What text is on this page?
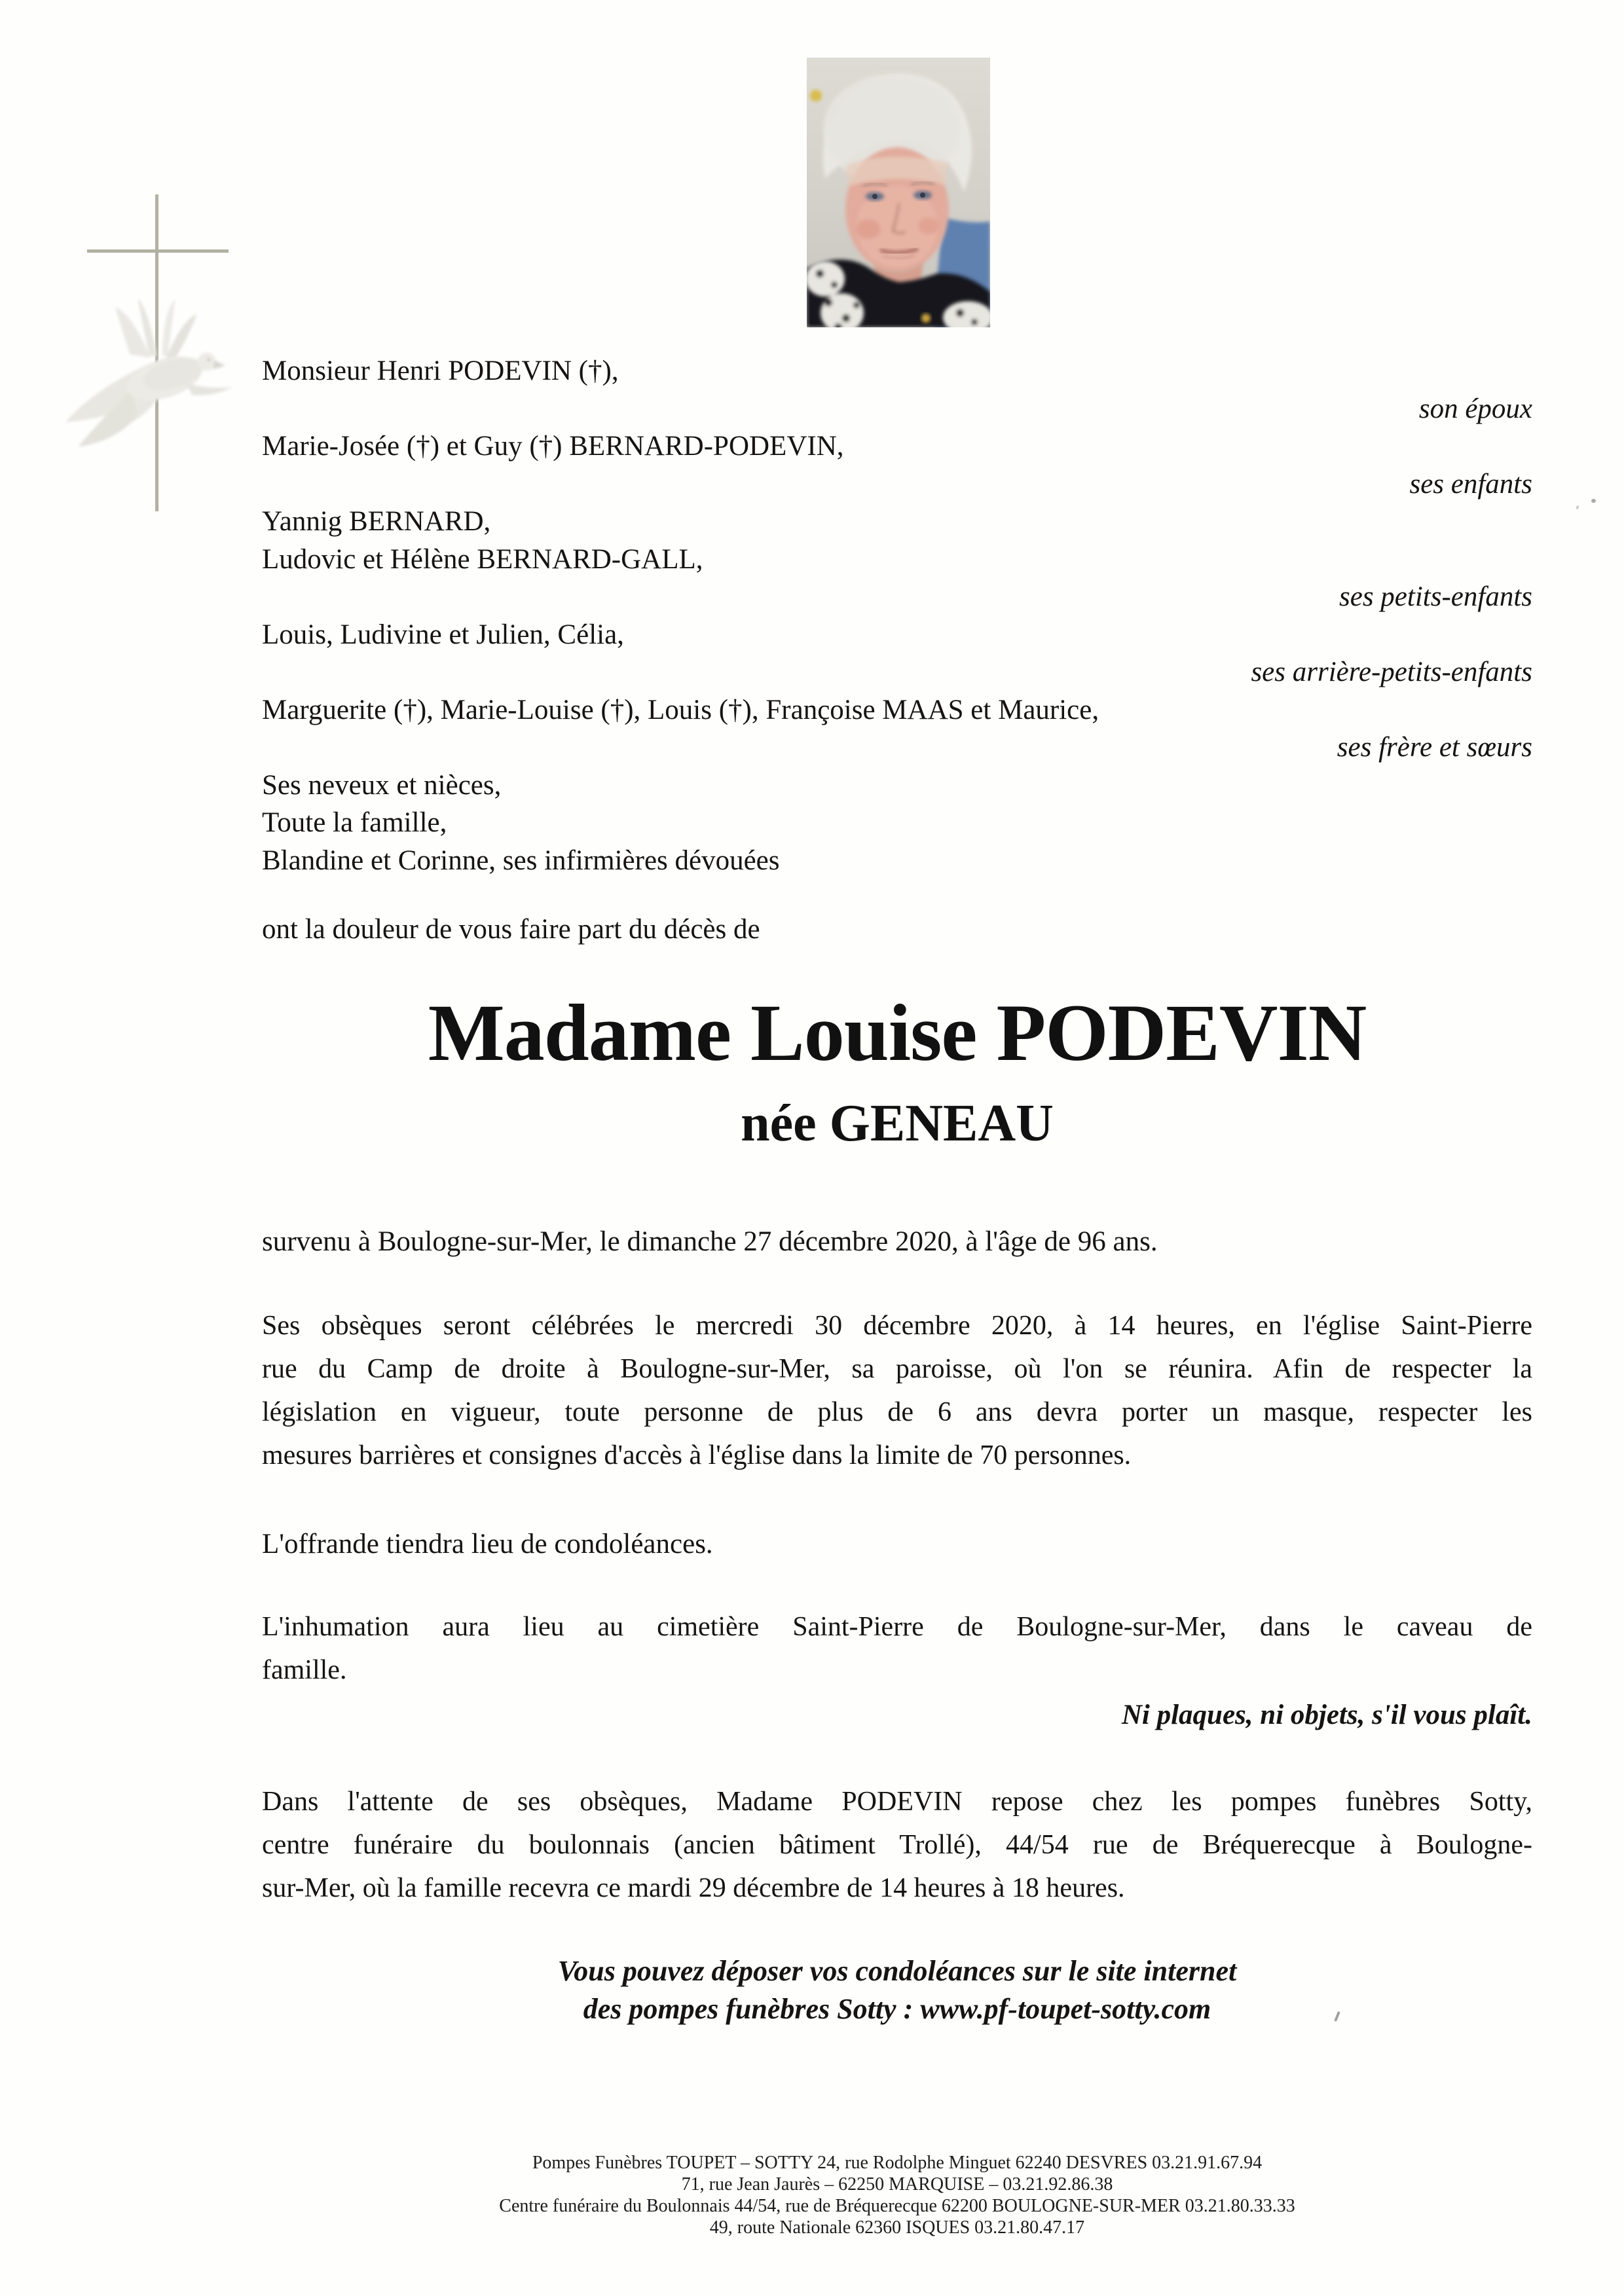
Monsieur Henri PODEVIN (†),
son époux
Marie-Josée (†) et Guy (†) BERNARD-PODEVIN,
ses enfants
Yannig BERNARD,
Ludovic et Hélène BERNARD-GALL,
ses petits-enfants
Louis, Ludivine et Julien, Célia,
ses arrière-petits-enfants
Marguerite (†), Marie-Louise (†), Louis (†), Françoise MAAS et Maurice,
ses frère et sœurs
Ses neveux et nièces,
Toute la famille,
Blandine et Corinne, ses infirmières dévouées
ont la douleur de vous faire part du décès de
Madame Louise PODEVIN
née GENEAU

survenu à Boulogne-sur-Mer, le dimanche 27 décembre 2020, à l'âge de 96 ans.

Ses obsèques seront célébrées le mercredi 30 décembre 2020, à 14 heures, en l'église Saint-Pierre
rue du Camp de droite à Boulogne-sur-Mer, sa paroisse, où l'on se réunira. Afin de respecter la
législation en vigueur, toute personne de plus de 6 ans devra porter un masque, respecter les
mesures barrières et consignes d'accès à l'église dans la limite de 70 personnes.

L'offrande tiendra lieu de condoléances.

L'inhumation aura lieu au cimetière Saint-Pierre de Boulogne-sur-Mer, dans le caveau de
famille.

Ni plaques, ni objets, s'il vous plaît.

Dans l'attente de ses obsèques, Madame PODEVIN repose chez les pompes funèbres Sotty,
centre funéraire du boulonnais (ancien bâtiment Trollé), 44/54 rue de Bréquerecque à Boulogne-
sur-Mer, où la famille recevra ce mardi 29 décembre de 14 heures à 18 heures.
Vous pouvez déposer vos condoléances sur le site internet
des pompes funèbres Sotty : www.pf-toupet-sotty.com
Pompes Funèbres TOUPET – SOTTY 24, rue Rodolphe Minguet 62240 DESVRES 03.21.91.67.94
71, rue Jean Jaurès – 62250 MARQUISE – 03.21.92.86.38
Centre funéraire du Boulonnais 44/54, rue de Bréquerecque 62200 BOULOGNE-SUR-MER 03.21.80.33.33
49, route Nationale 62360 ISQUES 03.21.80.47.17
